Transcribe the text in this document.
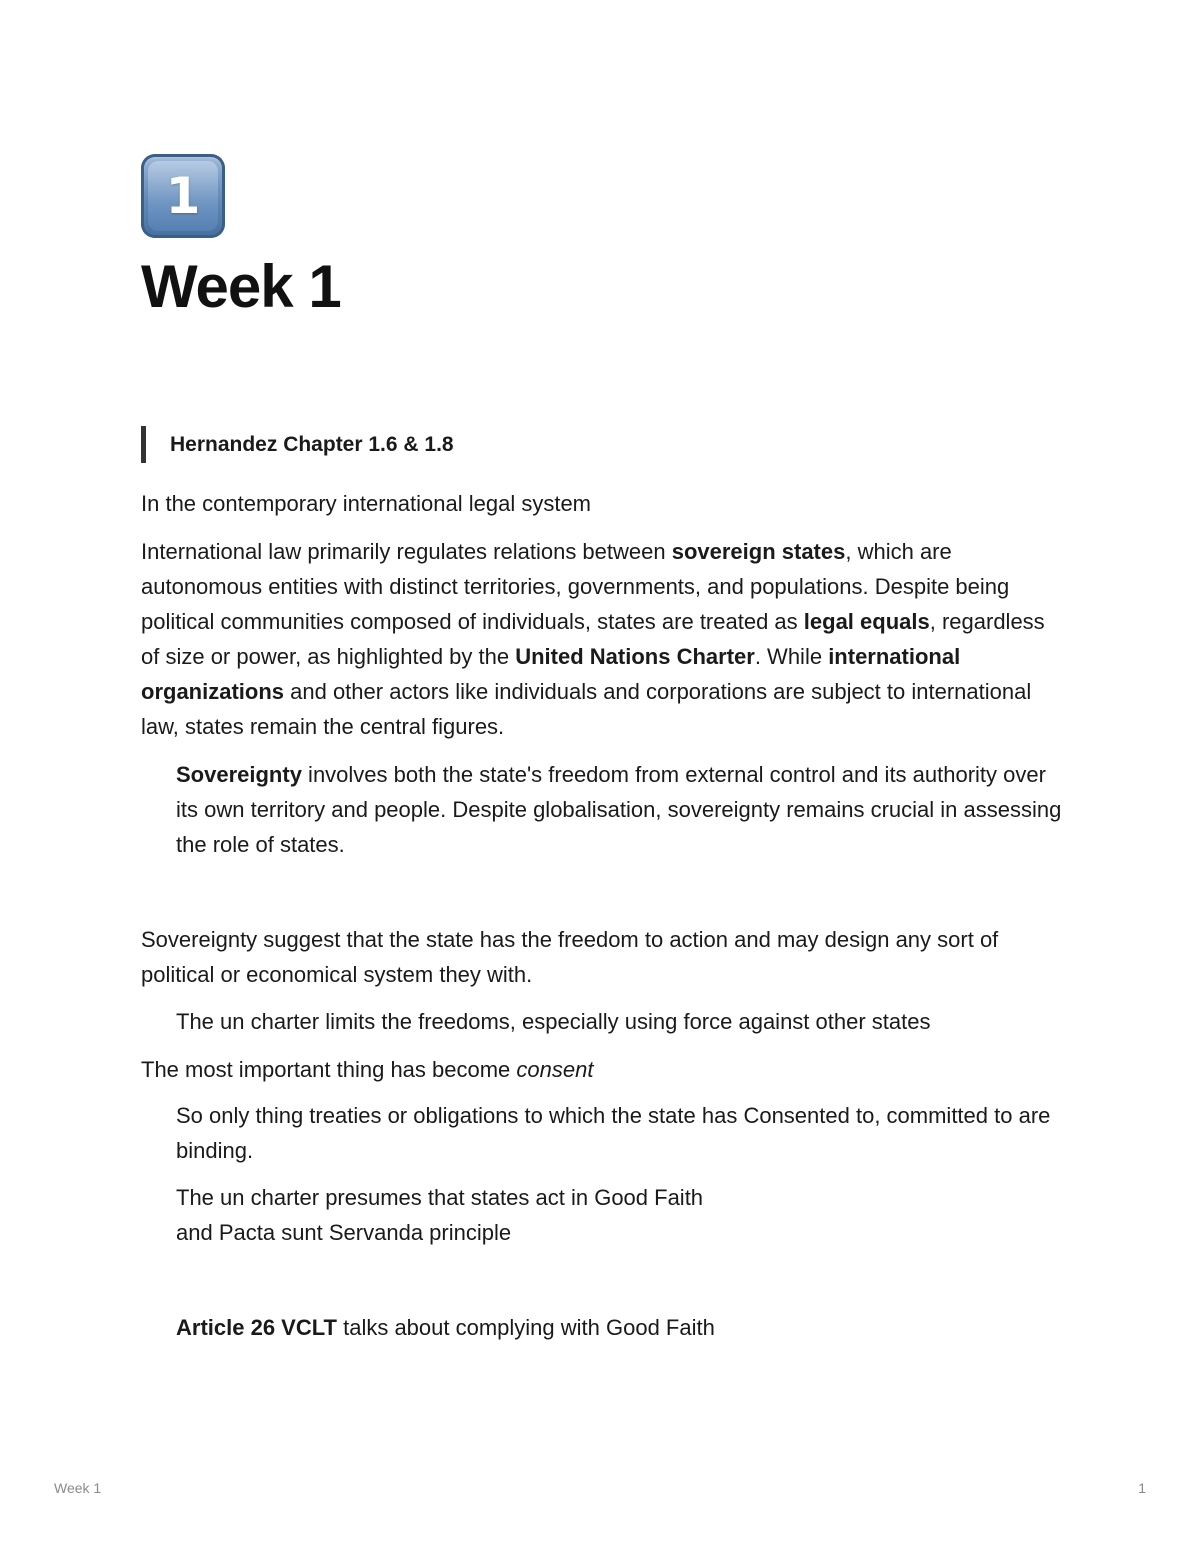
1
Week 1
Hernandez Chapter 1.6 & 1.8

In the contemporary international legal system

International law primarily regulates relations between sovereign states, which are autonomous entities with distinct territories, governments, and populations. Despite being political communities composed of individuals, states are treated as legal equals, regardless of size or power, as highlighted by the United Nations Charter. While international organizations and other actors like individuals and corporations are subject to international law, states remain the central figures.

Sovereignty involves both the state's freedom from external control and its authority over its own territory and people. Despite globalisation, sovereignty remains crucial in assessing the role of states.

Sovereignty suggest that the state has the freedom to action and may design any sort of political or economical system they with.

The un charter limits the freedoms, especially using force against other states

The most important thing has become consent

So only thing treaties or obligations to which the state has Consented to, committed to are binding.

The un charter presumes that states act in Good Faith
and Pacta sunt Servanda principle

Article 26 VCLT talks about complying with Good Faith

Week 1	1
